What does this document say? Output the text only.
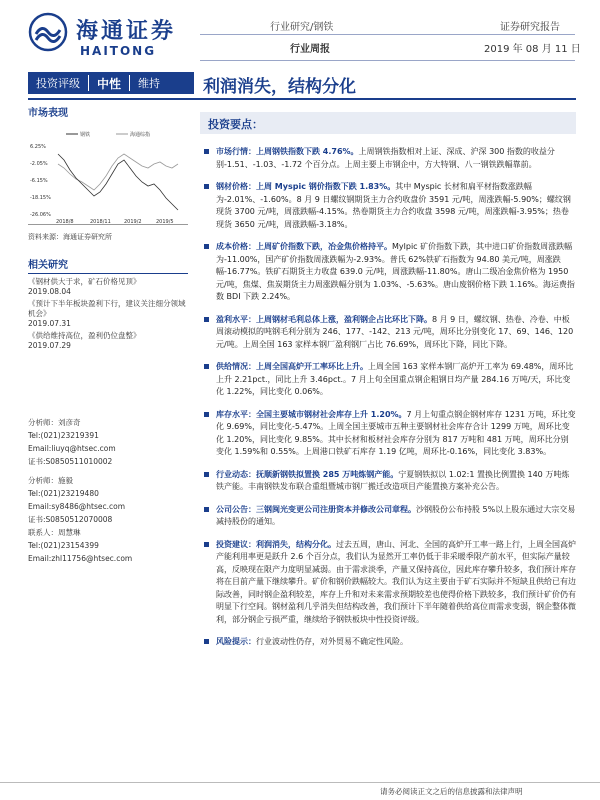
海通证券
HAITONG
行业研究/钢铁
行业周报
证券研究报告
2019 年 08 月 11 日
投资评级	中性	维持	利润消失，结构分化
市场表现
钢铁	海通综指
6.25%
-2.05%
-6.15%
-18.15%
-26.06%
2018/8	2018/11	2019/2	2019/5
资料来源：海通证券研究所
相关研究
《钢材供大于求，矿石价格见顶》
2019.08.04
《预计下半年板块盈利下行，建议关注细分领域机会》
2019.07.31
《供给维持高位，盈利仍位盘整》
2019.07.29
分析师：刘彦奇
Tel:(021)23219391
Email:liuyq@htsec.com
证书:S0850511010002
分析师：施毅
Tel:(021)23219480
Email:sy8486@htsec.com
证书:S0850512070008
联系人：周慧琳
Tel:(021)23154399
Email:zhl11756@htsec.com
投资要点：
市场行情：上周钢铁指数下跌 4.76%。上周钢铁指数相对上证、深成、沪深 300 指数的收益分别-1.51、-1.03、-1.72 个百分点。上周主要上市钢企中，方大特钢、八一钢铁跌幅靠前。
钢材价格：上周 Myspic 钢价指数下跌 1.83%。其中 Myspic 长材和扁平材指数涨跌幅为-2.01%、-1.60%。8 月 9 日螺纹钢期货主力合约收盘价 3591 元/吨，周涨跌幅-5.90%；螺纹钢现货 3700 元/吨，周涨跌幅-4.15%。热卷期货主力合约收盘 3598 元/吨，周涨跌幅-3.95%；热卷现货 3650 元/吨，周涨跌幅-3.18%。
成本价格：上周矿价指数下跌，冶金焦价格持平。Mylpic 矿价指数下跌，其中进口矿价指数周涨跌幅为-11.00%，国产矿价指数周涨跌幅为-2.93%。普氏 62%铁矿石指数为 94.80 美元/吨，周涨跌幅-16.77%。铁矿石期货主力收盘 639.0 元/吨，周涨跌幅-11.80%。唐山二级冶金焦价格为 1950 元/吨，焦煤、焦炭期货主力周涨跌幅分别为 1.03%、-5.63%。唐山废钢价格下跌 1.16%。海运费指数 BDI 下跌 2.24%。
盈利水平：上周钢材毛利总体上涨，盈利钢企占比环比下降。8 月 9 日，螺纹钢、热卷、冷卷、中板周滚动模拟的吨钢毛利分别为 246、177、-142、213 元/吨，周环比分别变化 17、69、146、120 元/吨。上周全国 163 家样本钢厂盈利钢厂占比 76.69%，周环比下降，同比下降。
供给情况：上周全国高炉开工率环比上升。上周全国 163 家样本钢厂高炉开工率为 69.48%，周环比上升 2.21pct.，同比上升 3.46pct.。7 月上旬全国重点钢企粗钢日均产量 284.16 万吨/天，环比变化 1.22%，同比变化 0.06%。
库存水平：全国主要城市钢材社会库存上升 1.20%。7 月上旬重点钢企钢材库存 1231 万吨，环比变化 9.69%，同比变化-5.47%。上周全国主要城市五种主要钢材社会库存合计 1299 万吨，周环比变化 1.20%，同比变化 9.85%。其中长材和板材社会库存分别为 817 万吨和 481 万吨，周环比分别变化 1.59%和 0.55%。上周港口铁矿石库存 1.19 亿吨，周环比-0.16%，同比变化 3.83%。
行业动态：抚顺新钢铁拟置换 285 万吨炼钢产能。宁夏钢铁拟以 1.02:1 置换比例置换 140 万吨炼铁产能。丰南钢铁发布联合重组暨城市钢厂搬迁改造项目产能置换方案补充公告。
公司公告：三钢闽光变更公司注册资本并修改公司章程。沙钢股份公布持股 5%以上股东通过大宗交易减持股份的通知。
投资建议：利润消失，结构分化。过去五周，唐山、河北、全国的高炉开工率一路上行，上周全国高炉产能利用率更是跃升 2.6 个百分点，我们认为显然开工率仍低于非采暖季限产前水平，但实际产量较高，反映现在限产力度明显减弱。由于需求淡季，产量又保持高位，因此库存攀升较多，我们预计库存将在目前产量下继续攀升。矿价和钢价跌幅较大。我们认为这主要由于矿石实际并不短缺且供给已有边际改善，同时钢企盈利较差，库存上升和对未来需求预期较差也使得价格下跌较多，我们预计矿价仍有明显下行空间。钢材盈利几乎消失但结构改善，我们预计下半年随着供给高位而需求变弱，钢企整体微利，部分钢企亏损严重，继续给予钢铁板块中性投资评级。
风险提示：行业波动性仍存，对外贸易不确定性风险。
请务必阅读正文之后的信息披露和法律声明
